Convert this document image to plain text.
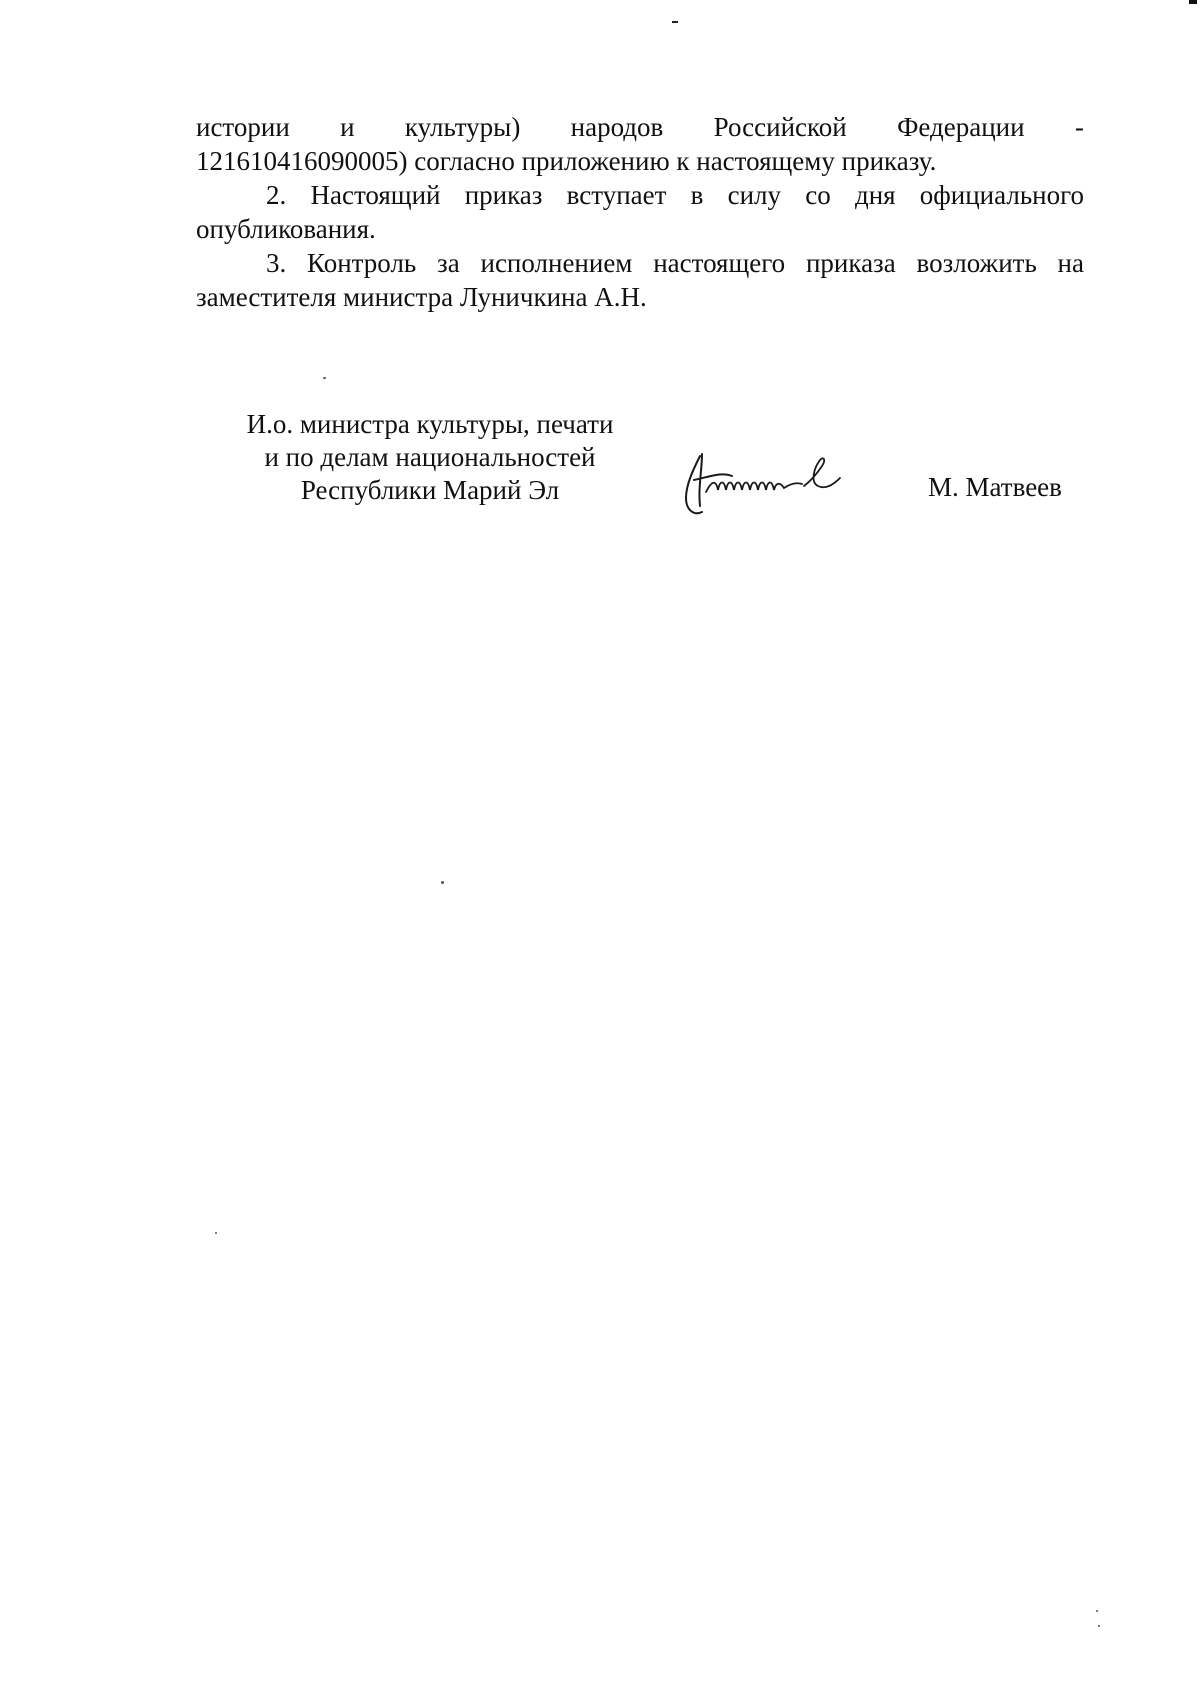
истории и культуры) народов Российской Федерации -
121610416090005) согласно приложению к настоящему приказу.

2. Настоящий приказ вступает в силу со дня официального опубликования.

3. Контроль за исполнением настоящего приказа возложить на заместителя министра Луничкина А.Н.

И.о. министра культуры, печати
и по делам национальностей
Республики Марий Эл	М. Матвеев
